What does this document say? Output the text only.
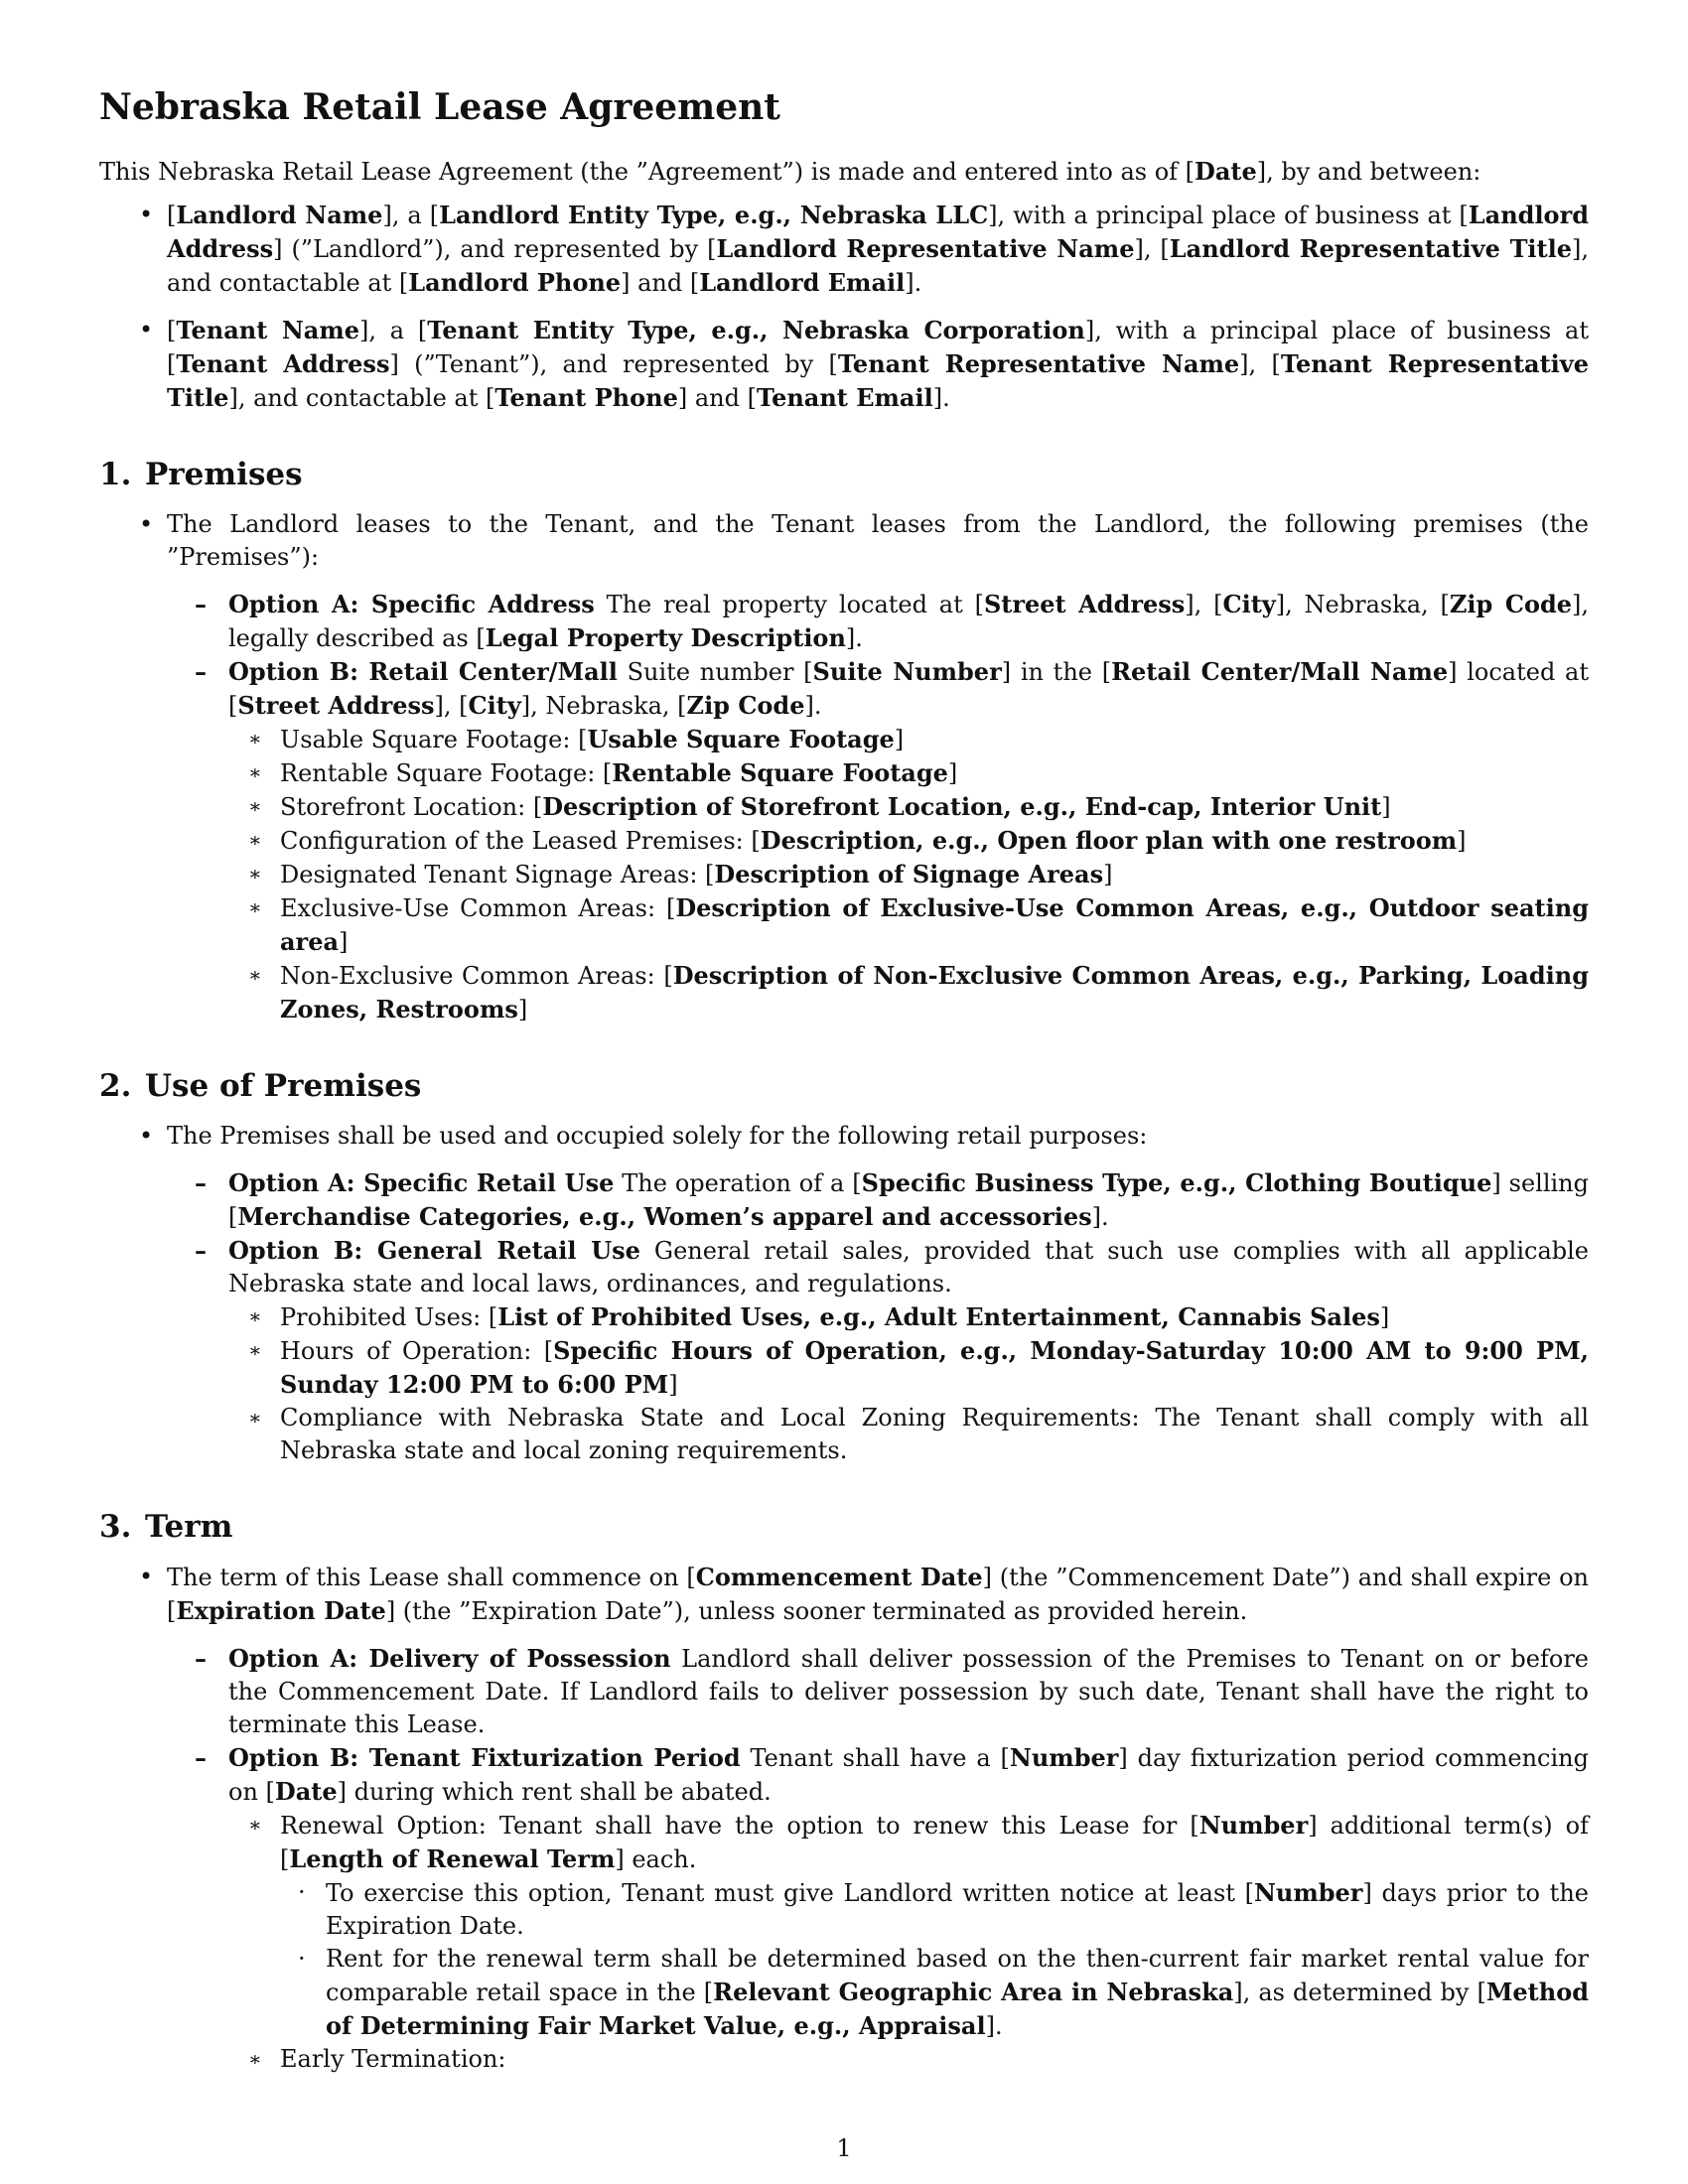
Nebraska Retail Lease Agreement

This Nebraska Retail Lease Agreement (the ”Agreement”) is made and entered into as of [Date], by and between:

• [Landlord Name], a [Landlord Entity Type, e.g., Nebraska LLC], with a principal place of business at [Landlord Address] (”Landlord”), and represented by [Landlord Representative Name], [Landlord Representative Title], and contactable at [Landlord Phone] and [Landlord Email].
• [Tenant Name], a [Tenant Entity Type, e.g., Nebraska Corporation], with a principal place of business at [Tenant Address] (”Tenant”), and represented by [Tenant Representative Name], [Tenant Representative Title], and contactable at [Tenant Phone] and [Tenant Email].
1. Premises
• The Landlord leases to the Tenant, and the Tenant leases from the Landlord, the following premises (the ”Premises”):
– Option A: Specific Address The real property located at [Street Address], [City], Nebraska, [Zip Code], legally described as [Legal Property Description].
– Option B: Retail Center/Mall Suite number [Suite Number] in the [Retail Center/Mall Name] located at [Street Address], [City], Nebraska, [Zip Code].
∗ Usable Square Footage: [Usable Square Footage]
∗ Rentable Square Footage: [Rentable Square Footage]
∗ Storefront Location: [Description of Storefront Location, e.g., End-cap, Interior Unit]
∗ Configuration of the Leased Premises: [Description, e.g., Open floor plan with one restroom]
∗ Designated Tenant Signage Areas: [Description of Signage Areas]
∗ Exclusive-Use Common Areas: [Description of Exclusive-Use Common Areas, e.g., Outdoor seating area]
∗ Non-Exclusive Common Areas: [Description of Non-Exclusive Common Areas, e.g., Parking, Loading Zones, Restrooms]
2. Use of Premises
• The Premises shall be used and occupied solely for the following retail purposes:
– Option A: Specific Retail Use The operation of a [Specific Business Type, e.g., Clothing Boutique] selling [Merchandise Categories, e.g., Women’s apparel and accessories].
– Option B: General Retail Use General retail sales, provided that such use complies with all applicable Nebraska state and local laws, ordinances, and regulations.
∗ Prohibited Uses: [List of Prohibited Uses, e.g., Adult Entertainment, Cannabis Sales]
∗ Hours of Operation: [Specific Hours of Operation, e.g., Monday-Saturday 10:00 AM to 9:00 PM, Sunday 12:00 PM to 6:00 PM]
∗ Compliance with Nebraska State and Local Zoning Requirements: The Tenant shall comply with all Nebraska state and local zoning requirements.
3. Term
• The term of this Lease shall commence on [Commencement Date] (the ”Commencement Date”) and shall expire on [Expiration Date] (the ”Expiration Date”), unless sooner terminated as provided herein.
– Option A: Delivery of Possession Landlord shall deliver possession of the Premises to Tenant on or before the Commencement Date. If Landlord fails to deliver possession by such date, Tenant shall have the right to terminate this Lease.
– Option B: Tenant Fixturization Period Tenant shall have a [Number] day fixturization period commencing on [Date] during which rent shall be abated.
∗ Renewal Option: Tenant shall have the option to renew this Lease for [Number] additional term(s) of [Length of Renewal Term] each.
· To exercise this option, Tenant must give Landlord written notice at least [Number] days prior to the Expiration Date.
· Rent for the renewal term shall be determined based on the then-current fair market rental value for comparable retail space in the [Relevant Geographic Area in Nebraska], as determined by [Method of Determining Fair Market Value, e.g., Appraisal].
∗ Early Termination:
1
